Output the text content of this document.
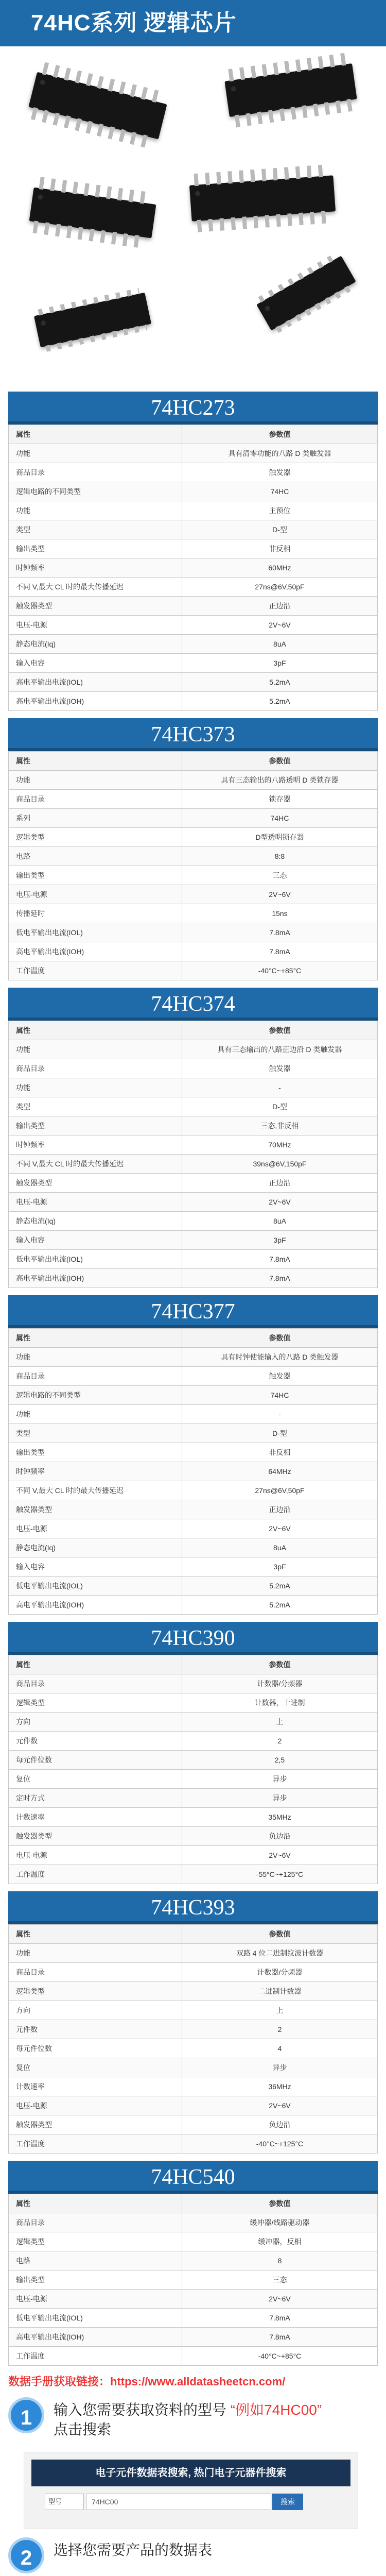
74HC系列 逻辑芯片
74HC273
属性	参数值
功能	具有清零功能的八路 D 类触发器
商品目录	触发器
逻辑电路的不同类型	74HC
功能	主预位
类型	D-型
输出类型	非反相
时钟频率	60MHz
不同 V,最大 CL 时的最大传播延迟	27ns@6V,50pF
触发器类型	正边沿
电压-电源	2V~6V
静态电流(Iq)	8uA
输入电容	3pF
高电平输出电流(IOL)	5.2mA
高电平输出电流(IOH)	5.2mA
74HC373
属性	参数值
功能	具有三态输出的八路透明 D 类锁存器
商品目录	锁存器
系列	74HC
逻辑类型	D型透明锁存器
电路	8:8
输出类型	三态
电压-电源	2V~6V
传播延时	15ns
低电平输出电流(IOL)	7.8mA
高电平输出电流(IOH)	7.8mA
工作温度	-40°C~+85°C
74HC374
属性	参数值
功能	具有三态输出的八路正边沿 D 类触发器
商品目录	触发器
功能	-
类型	D-型
输出类型	三态,非反相
时钟频率	70MHz
不同 V,最大 CL 时的最大传播延迟	39ns@6V,150pF
触发器类型	正边沿
电压-电源	2V~6V
静态电流(Iq)	8uA
输入电容	3pF
低电平输出电流(IOL)	7.8mA
高电平输出电流(IOH)	7.8mA
74HC377
属性	参数值
功能	具有时钟使能输入的八路 D 类触发器
商品目录	触发器
逻辑电路的不同类型	74HC
功能	-
类型	D-型
输出类型	非反相
时钟频率	64MHz
不同 V,最大 CL 时的最大传播延迟	27ns@6V,50pF
触发器类型	正边沿
电压-电源	2V~6V
静态电流(Iq)	8uA
输入电容	3pF
低电平输出电流(IOL)	5.2mA
高电平输出电流(IOH)	5.2mA
74HC390
属性	参数值
商品目录	计数器/分频器
逻辑类型	计数器，十进制
方向	上
元件数	2
每元件位数	2,5
复位	异步
定时方式	异步
计数速率	35MHz
触发器类型	负边沿
电压-电源	2V~6V
工作温度	-55°C~+125°C
74HC393
属性	参数值
功能	双路 4 位二进制纹波计数器
商品目录	计数器/分频器
逻辑类型	二进制计数器
方向	上
元件数	2
每元件位数	4
复位	异步
计数速率	36MHz
电压-电源	2V~6V
触发器类型	负边沿
工作温度	-40°C~+125°C
74HC540
属性	参数值
商品目录	缓冲器/线路驱动器
逻辑类型	缓冲器，反相
电路	8
输出类型	三态
电压-电源	2V~6V
低电平输出电流(IOL)	7.8mA
高电平输出电流(IOH)	7.8mA
工作温度	-40°C~+85°C
数据手册获取链接：https://www.alldatasheetcn.com/
1	输入您需要获取资料的型号 “例如74HC00”
点击搜索
电子元件数据表搜索, 热门电子元器件搜索
型号	74HC00	搜索
2	选择您需要产品的数据表
